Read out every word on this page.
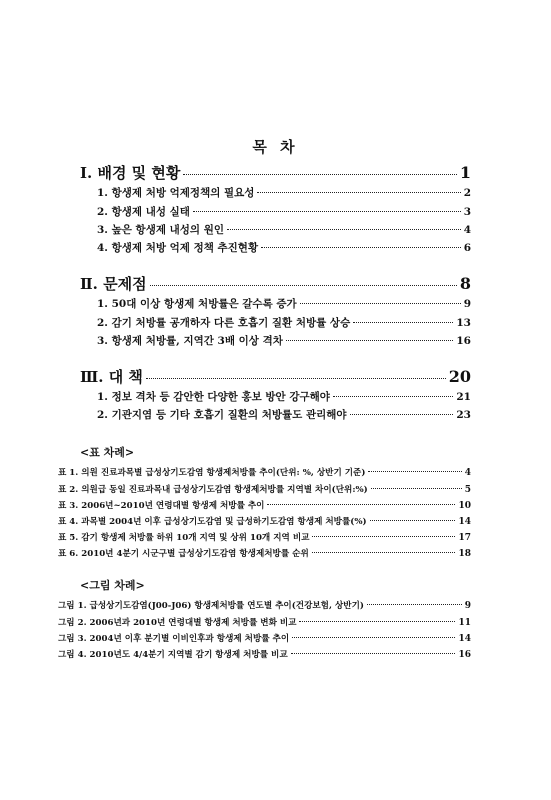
목 차
Ⅰ. 배경 및 현황	1
1. 항생제 처방 억제정책의 필요성	2
2. 항생제 내성 실태	3
3. 높은 항생제 내성의 원인	4
4. 항생제 처방 억제 정책 추진현황	6
Ⅱ. 문제점	8
1. 50대 이상 항생제 처방률은 갈수록 증가	9
2. 감기 처방률 공개하자 다른 호흡기 질환 처방률 상승	13
3. 항생제 처방률, 지역간 3배 이상 격차	16
Ⅲ. 대 책	20
1. 정보 격차 등 감안한 다양한 홍보 방안 강구해야	21
2. 기관지염 등 기타 호흡기 질환의 처방률도 관리해야	23
<표 차례>
표 1. 의원 진료과목별 급성상기도감염 항생제처방률 추이(단위: %, 상반기 기준)	4
표 2. 의원급 동일 진료과목내 급성상기도감염 항생제처방률 지역별 차이(단위:%)	5
표 3. 2006년~2010년 연령대별 항생제 처방률 추이	10
표 4. 과목별 2004년 이후 급성상기도감염 및 급성하기도감염 항생제 처방률(%)	14
표 5. 감기 항생제 처방률 하위 10개 지역 및 상위 10개 지역 비교	17
표 6. 2010년 4분기 시군구별 급성상기도감염 항생제처방률 순위	18
<그림 차례>
그림 1. 급성상기도감염(J00-J06) 항생제처방률 연도별 추이(건강보험, 상반기)	9
그림 2. 2006년과 2010년 연령대별 항생제 처방률 변화 비교	11
그림 3. 2004년 이후 분기별 이비인후과 항생제 처방률 추이	14
그림 4. 2010년도 4/4분기 지역별 감기 항생제 처방률 비교	16
